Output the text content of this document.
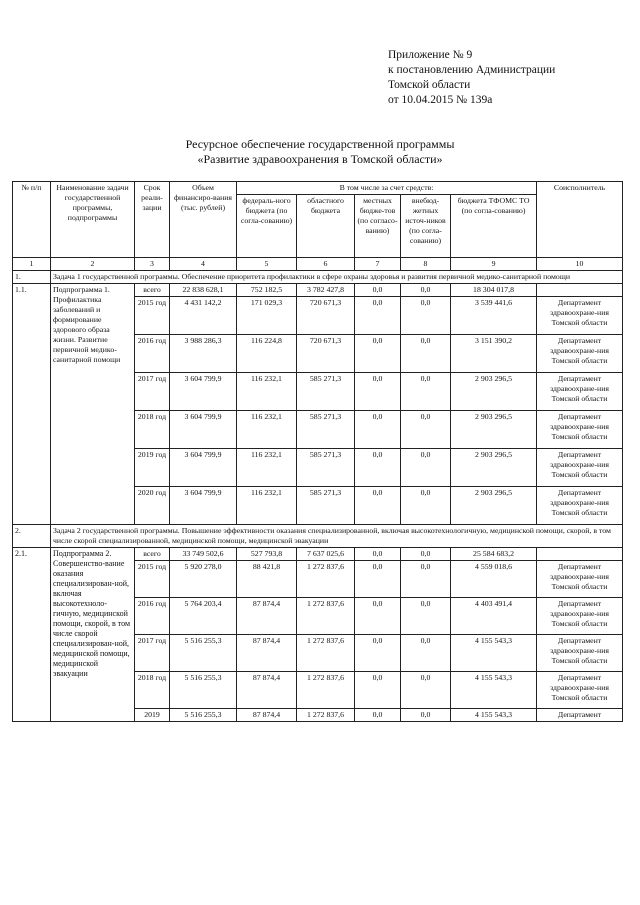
Приложение № 9
к постановлению Администрации
Томской области
от 10.04.2015 № 139а
Ресурсное обеспечение государственной программы
«Развитие здравоохранения в Томской области»
№ п/п	Наименование задачи государственной программы, подпрограммы	Срок реали-зации	Объем финансиро-вания (тыс. рублей)	В том числе за счет средств:					Соисполнитель
				федераль-ного бюджета (по согла-сованию)	областного бюджета	местных бюдже-тов (по согласо-ванию)	внебюд-жетных источ-ников (по согла-сованию)	бюджета ТФОМС ТО (по согла-сованию)	
1	2	3	4	5	6	7	8	9	10
1.	Задача 1 государственной программы. Обеспечение приоритета профилактики в сфере охраны здоровья и развития первичной медико-санитарной помощи								
1.1.	Подпрограмма 1. Профилактика заболеваний и формирование здорового образа жизни. Развитие первичной медико-санитарной помощи	всего	22 838 628,1	752 182,5	3 782 427,8	0,0	0,0	18 304 017,8	
		2015 год	4 431 142,2	171 029,3	720 671,3	0,0	0,0	3 539 441,6	Департамент здравоохране-ния Томской области
		2016 год	3 988 286,3	116 224,8	720 671,3	0,0	0,0	3 151 390,2	Департамент здравоохране-ния Томской области
		2017 год	3 604 799,9	116 232,1	585 271,3	0,0	0,0	2 903 296,5	Департамент здравоохране-ния Томской области
		2018 год	3 604 799,9	116 232,1	585 271,3	0,0	0,0	2 903 296,5	Департамент здравоохране-ния Томской области
		2019 год	3 604 799,9	116 232,1	585 271,3	0,0	0,0	2 903 296,5	Департамент здравоохране-ния Томской области
		2020 год	3 604 799,9	116 232,1	585 271,3	0,0	0,0	2 903 296,5	Департамент здравоохране-ния Томской области
2.	Задача 2 государственной программы. Повышение эффективности оказания специализированной, включая высокотехнологичную, медицинской помощи, скорой, в том числе скорой специализированной, медицинской помощи, медицинской эвакуации								
2.1.	Подпрограмма 2. Совершенство-вание оказания специализирован-ной, включая высокотехноло-гичную, медицинской помощи, скорой, в том числе скорой специализирован-ной, медицинской помощи, медицинской эвакуации	всего	33 749 502,6	527 793,8	7 637 025,6	0,0	0,0	25 584 683,2	
		2015 год	5 920 278,0	88 421,8	1 272 837,6	0,0	0,0	4 559 018,6	Департамент здравоохране-ния Томской области
		2016 год	5 764 203,4	87 874,4	1 272 837,6	0,0	0,0	4 403 491,4	Департамент здравоохране-ния Томской области
		2017 год	5 516 255,3	87 874,4	1 272 837,6	0,0	0,0	4 155 543,3	Департамент здравоохране-ния Томской области
		2018 год	5 516 255,3	87 874,4	1 272 837,6	0,0	0,0	4 155 543,3	Департамент здравоохране-ния Томской области
		2019	5 516 255,3	87 874,4	1 272 837,6	0,0	0,0	4 155 543,3	Департамент
